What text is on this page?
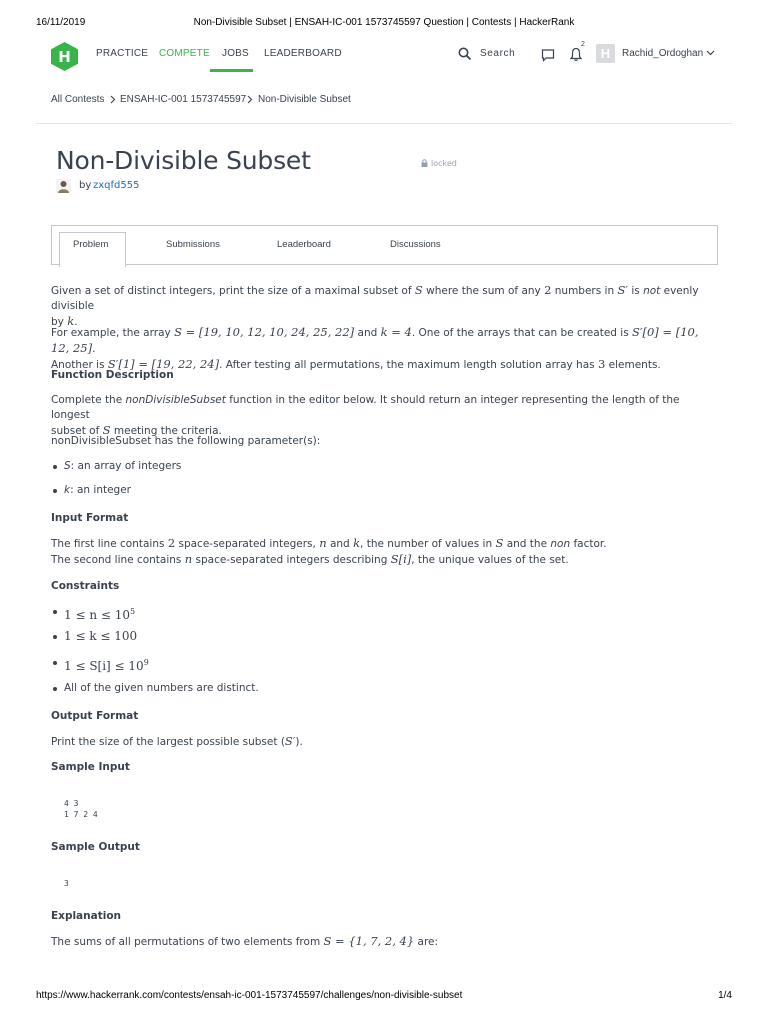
16/11/2019	Non-Divisible Subset | ENSAH-IC-001 1573745597 Question | Contests | HackerRank
H	PRACTICE COMPETE JOBS LEADERBOARD	Search
2
H	Rachid_Ordoghan
All Contests ENSAH-IC-001 1573745597 Non-Divisible Subset
Non-Divisible Subset	locked
by zxqfd555
Problem	Submissions	Leaderboard	Discussions

Given a set of distinct integers, print the size of a maximal subset of S where the sum of any 2 numbers in S′ is not evenly divisible
by k.

For example, the array S = [19, 10, 12, 10, 24, 25, 22] and k = 4. One of the arrays that can be created is S′[0] = [10, 12, 25].
Another is S′[1] = [19, 22, 24]. After testing all permutations, the maximum length solution array has 3 elements.

Function Description

Complete the nonDivisibleSubset function in the editor below. It should return an integer representing the length of the longest
subset of S meeting the criteria.

nonDivisibleSubset has the following parameter(s):

S: an array of integers
k: an integer

Input Format

The first line contains 2 space-separated integers, n and k, the number of values in S and the non factor.
The second line contains n space-separated integers describing S[i], the unique values of the set.

Constraints

$1 \le n \le 10^5$
1 ≤ k ≤ 100
$1 \le S[i] \le 10^9$
All of the given numbers are distinct.

Output Format

Print the size of the largest possible subset (S′).

Sample Input

4 3
1 7 2 4

Sample Output

3

Explanation

The sums of all permutations of two elements from S = {1, 7, 2, 4} are:

https://www.hackerrank.com/contests/ensah-ic-001-1573745597/challenges/non-divisible-subset	1/4
